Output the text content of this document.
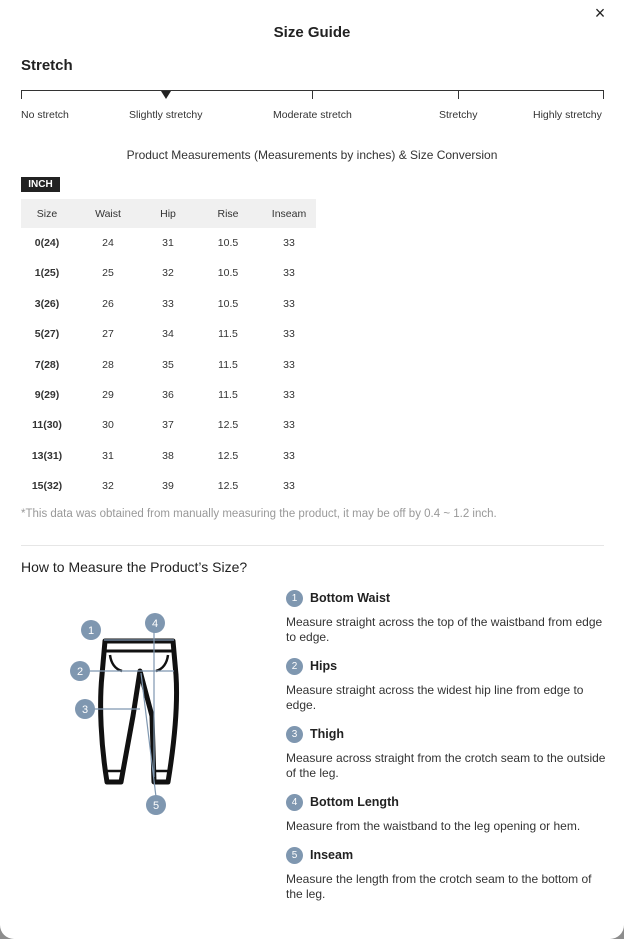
×
Size Guide
Stretch
No stretch	Slightly stretchy	Moderate stretch	Stretchy	Highly stretchy
Product Measurements (Measurements by inches) & Size Conversion
INCH
Size	Waist	Hip	Rise	Inseam
0(24)	24	31	10.5	33
1(25)	25	32	10.5	33
3(26)	26	33	10.5	33
5(27)	27	34	11.5	33
7(28)	28	35	11.5	33
9(29)	29	36	11.5	33
11(30)	30	37	12.5	33
13(31)	31	38	12.5	33
15(32)	32	39	12.5	33
*This data was obtained from manually measuring the product, it may be off by 0.4 ~ 1.2 inch.
How to Measure the Product’s Size?
1
4
2
3
5
1	Bottom Waist
Measure straight across the top of the waistband from edge to edge.
2	Hips
Measure straight across the widest hip line from edge to edge.
3	Thigh
Measure across straight from the crotch seam to the outside of the leg.
4	Bottom Length
Measure from the waistband to the leg opening or hem.
5	Inseam
Measure the length from the crotch seam to the bottom of the leg.
